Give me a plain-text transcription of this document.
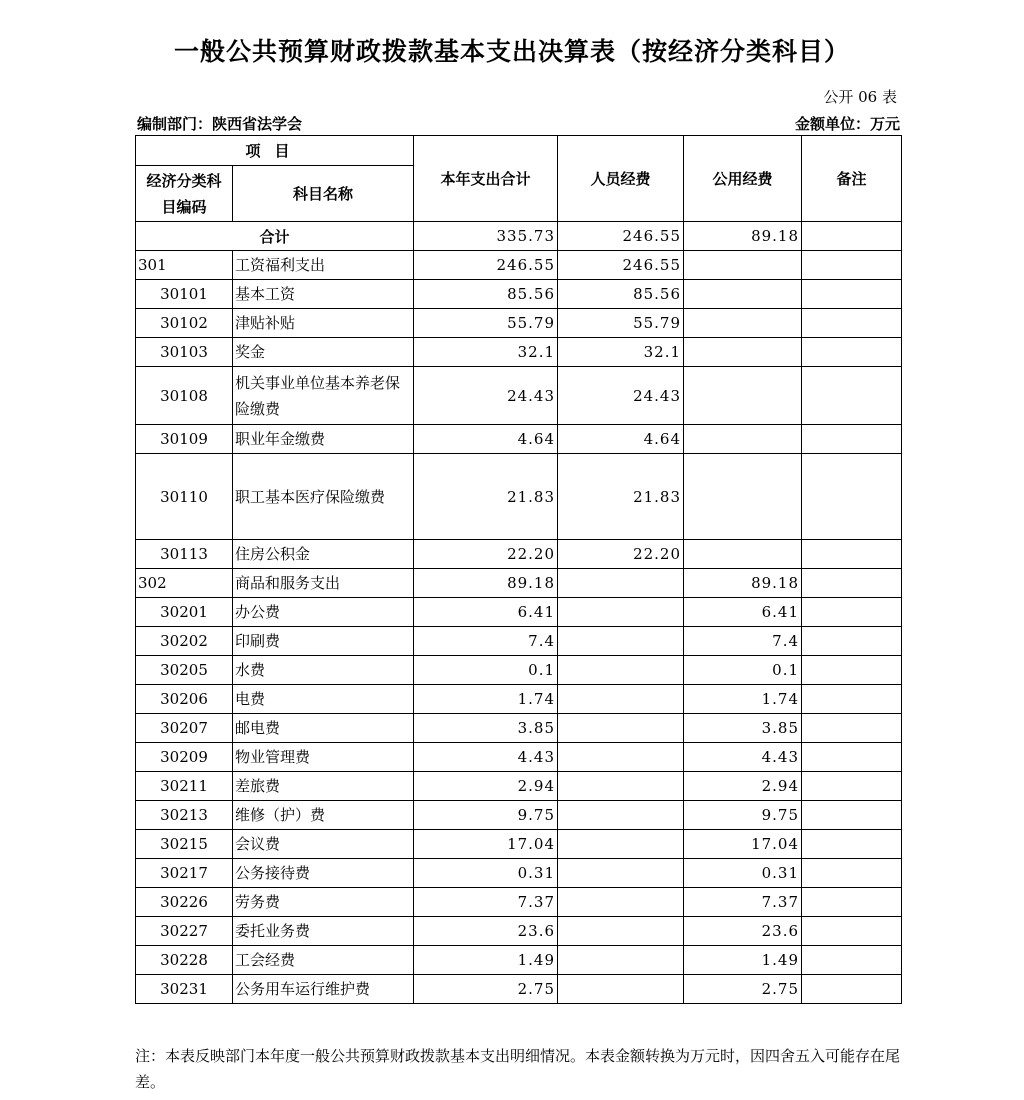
一般公共预算财政拨款基本支出决算表（按经济分类科目）
公开 06 表
编制部门：陕西省法学会	金额单位：万元
项目		本年支出合计	人员经费	公用经费	备注

经济分类科目编码	科目名称				
合计		335.73	246.55	89.18	
301	工资福利支出	246.55	246.55		
30101	基本工资	85.56	85.56		
30102	津贴补贴	55.79	55.79		
30103	奖金	32.1	32.1		
30108	机关事业单位基本养老保险缴费	24.43	24.43		
30109	职业年金缴费	4.64	4.64		
30110	职工基本医疗保险缴费	21.83	21.83		
30113	住房公积金	22.20	22.20		
302	商品和服务支出	89.18		89.18	
30201	办公费	6.41		6.41	
30202	印刷费	7.4		7.4	
30205	水费	0.1		0.1	
30206	电费	1.74		1.74	
30207	邮电费	3.85		3.85	
30209	物业管理费	4.43		4.43	
30211	差旅费	2.94		2.94	
30213	维修（护）费	9.75		9.75	
30215	会议费	17.04		17.04	
30217	公务接待费	0.31		0.31	
30226	劳务费	7.37		7.37	
30227	委托业务费	23.6		23.6	
30228	工会经费	1.49		1.49	
30231	公务用车运行维护费	2.75		2.75	
注：本表反映部门本年度一般公共预算财政拨款基本支出明细情况。本表金额转换为万元时，因四舍五入可能存在尾差。
